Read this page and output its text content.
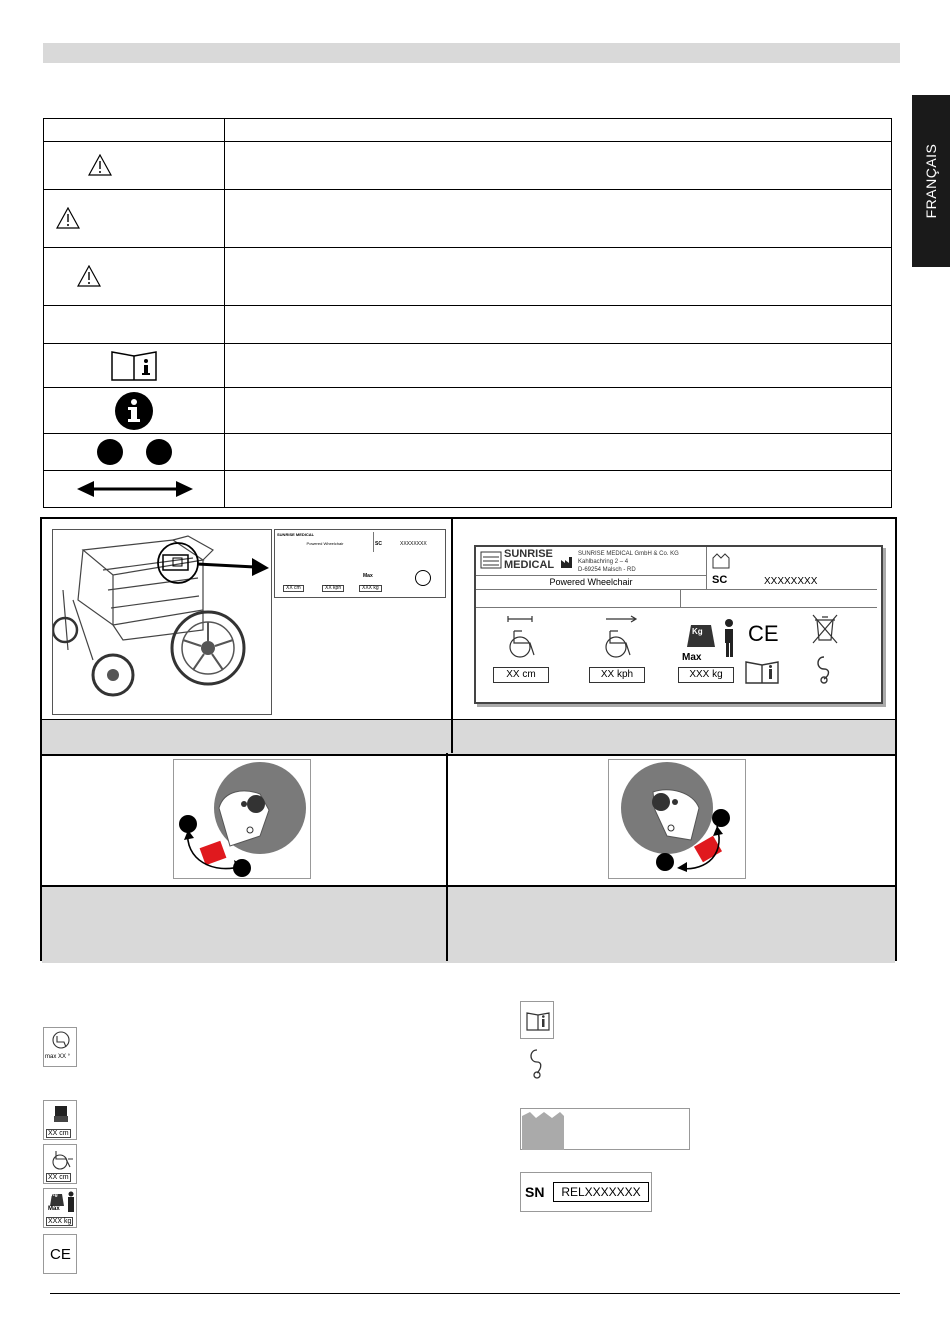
FRANÇAIS
SUNRISE MEDICAL
Powered Wheelchair	SC	XXXXXXXX
XX cm	XX kph	XXX kg
Max
SUNRISE
MEDICAL
SUNRISE MEDICAL GmbH & Co. KG
Kahlbachring 2 – 4
D-69254 Malsch - RD
Powered Wheelchair	SC	XXXXXXXX
XX cm	XX kph
Kg
Max
XXX kg
CE
max XX °
XX cm
XX cm
Kg
Max
XXX kg
CE
SN	RELXXXXXXX
